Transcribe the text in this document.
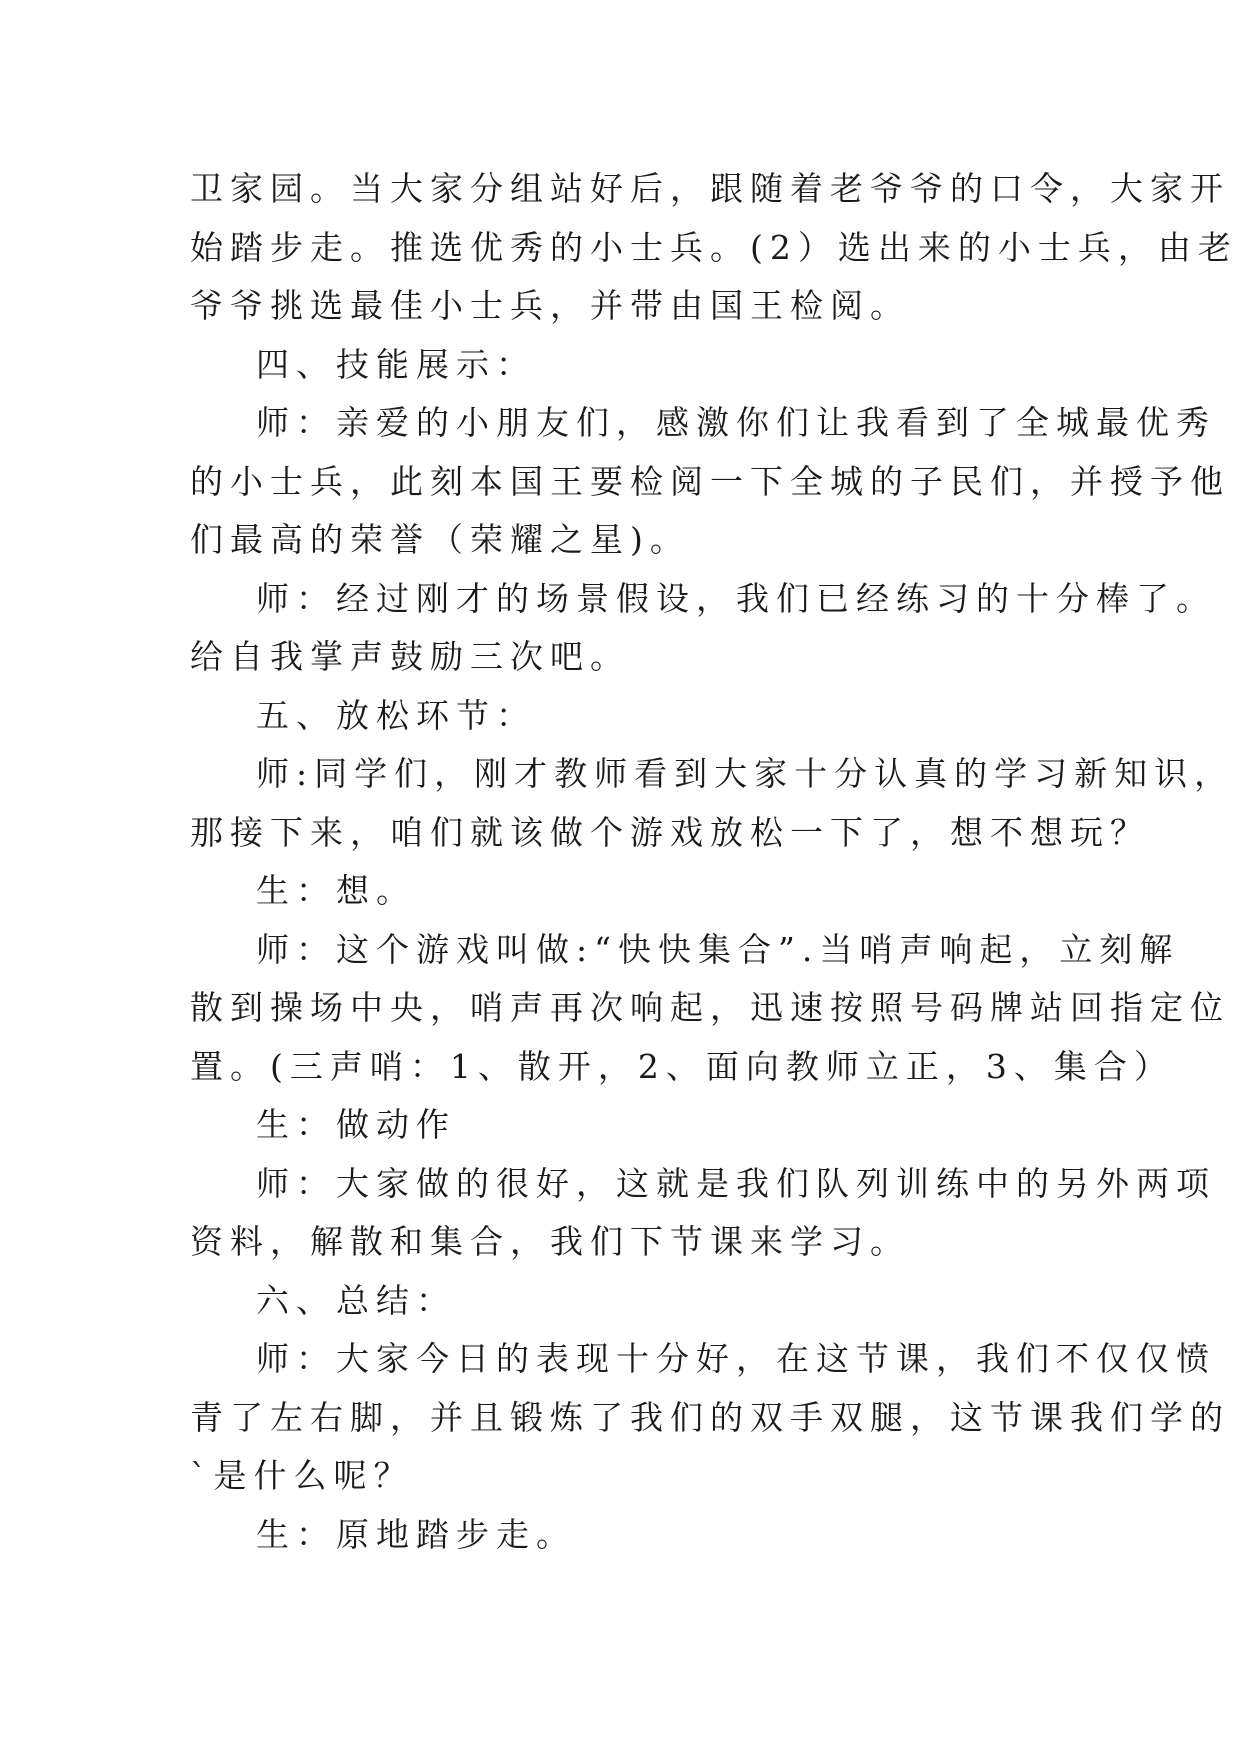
卫家园。当大家分组站好后，跟随着老爷爷的口令，大家开
始踏步走。推选优秀的小士兵。(2）选出来的小士兵，由老
爷爷挑选最佳小士兵，并带由国王检阅。
四、技能展示：
师：亲爱的小朋友们，感激你们让我看到了全城最优秀
的小士兵，此刻本国王要检阅一下全城的子民们，并授予他
们最高的荣誉（荣耀之星)。
师：经过刚才的场景假设，我们已经练习的十分棒了。
给自我掌声鼓励三次吧。
五、放松环节：
师:同学们，刚才教师看到大家十分认真的学习新知识，
那接下来，咱们就该做个游戏放松一下了，想不想玩？
生：想。
师：这个游戏叫做:“快快集合”.当哨声响起，立刻解
散到操场中央，哨声再次响起，迅速按照号码牌站回指定位
置。(三声哨：1、散开，2、面向教师立正，3、集合）
生：做动作
师：大家做的很好，这就是我们队列训练中的另外两项
资料，解散和集合，我们下节课来学习。
六、总结：
师：大家今日的表现十分好，在这节课，我们不仅仅愤
青了左右脚，并且锻炼了我们的双手双腿，这节课我们学的
`是什么呢？
生：原地踏步走。
